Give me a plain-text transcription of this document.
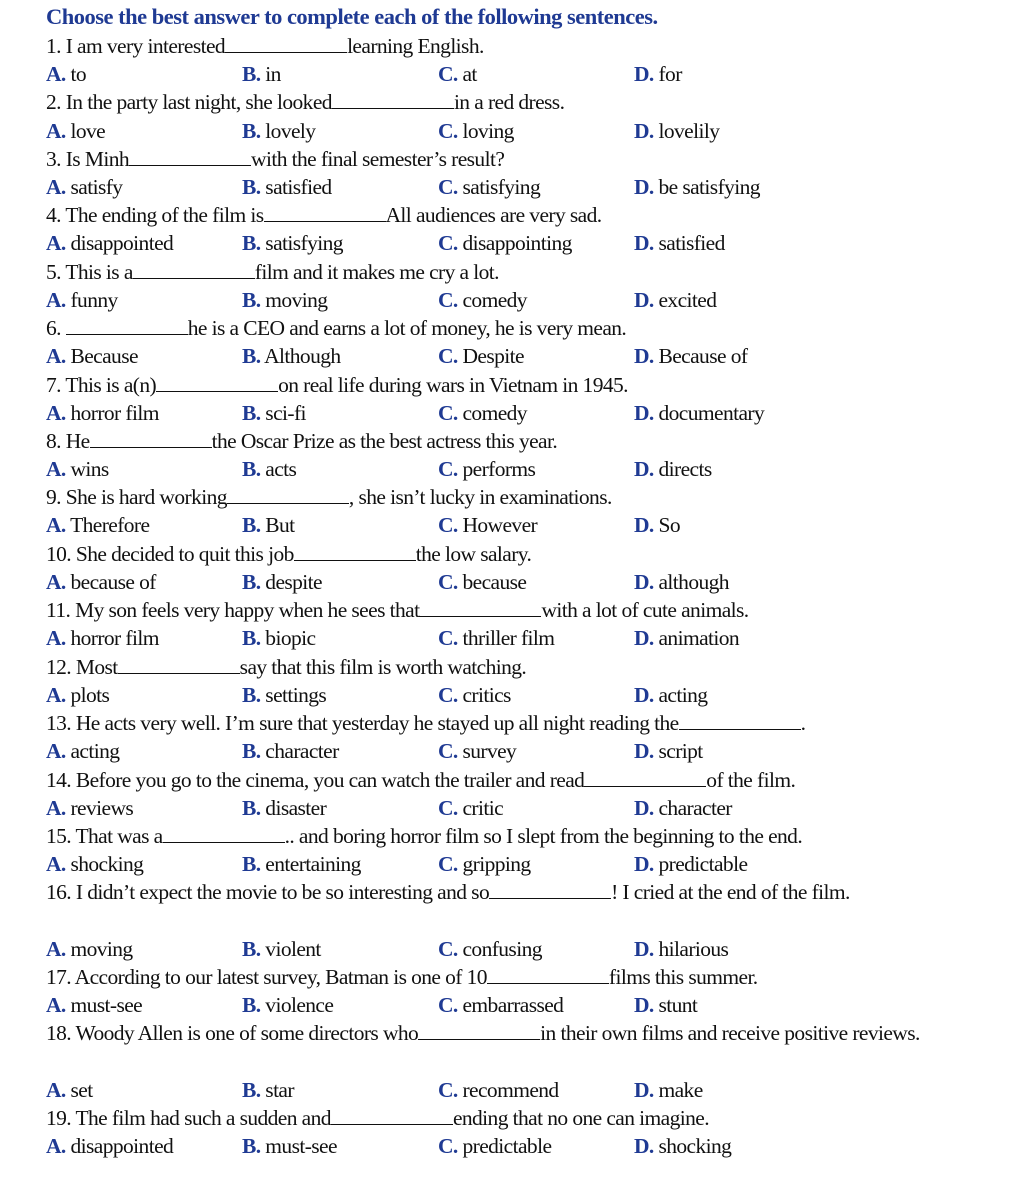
Choose the best answer to complete each of the following sentences.
1. I am very interested	learning English.
A. to	B. in	C. at	D. for
2. In the party last night, she looked	in a red dress.
A. love	B. lovely	C. loving	D. lovelily
3. Is Minh	with the final semester’s result?
A. satisfy	B. satisfied	C. satisfying	D. be satisfying
4. The ending of the film is	All audiences are very sad.
A. disappointed	B. satisfying	C. disappointing	D. satisfied
5. This is a	film and it makes me cry a lot.
A. funny	B. moving	C. comedy	D. excited
6.	he is a CEO and earns a lot of money, he is very mean.
A. Because	B. Although	C. Despite	D. Because of
7. This is a(n)	on real life during wars in Vietnam in 1945.
A. horror film	B. sci-fi	C. comedy	D. documentary
8. He	the Oscar Prize as the best actress this year.
A. wins	B. acts	C. performs	D. directs
9. She is hard working	, she isn’t lucky in examinations.
A. Therefore	B. But	C. However	D. So
10. She decided to quit this job	the low salary.
A. because of	B. despite	C. because	D. although
11. My son feels very happy when he sees that	with a lot of cute animals.
A. horror film	B. biopic	C. thriller film	D. animation
12. Most	say that this film is worth watching.
A. plots	B. settings	C. critics	D. acting
13. He acts very well. I’m sure that yesterday he stayed up all night reading the	.
A. acting	B. character	C. survey	D. script
14. Before you go to the cinema, you can watch the trailer and read	of the film.
A. reviews	B. disaster	C. critic	D. character
15. That was a	.. and boring horror film so I slept from the beginning to the end.
A. shocking	B. entertaining	C. gripping	D. predictable
16. I didn’t expect the movie to be so interesting and so	! I cried at the end of the film.
A. moving	B. violent	C. confusing	D. hilarious
17. According to our latest survey, Batman is one of 10	films this summer.
A. must-see	B. violence	C. embarrassed	D. stunt
18. Woody Allen is one of some directors who	in their own films and receive positive reviews.
A. set	B. star	C. recommend	D. make
19. The film had such a sudden and	ending that no one can imagine.
A. disappointed	B. must-see	C. predictable	D. shocking
